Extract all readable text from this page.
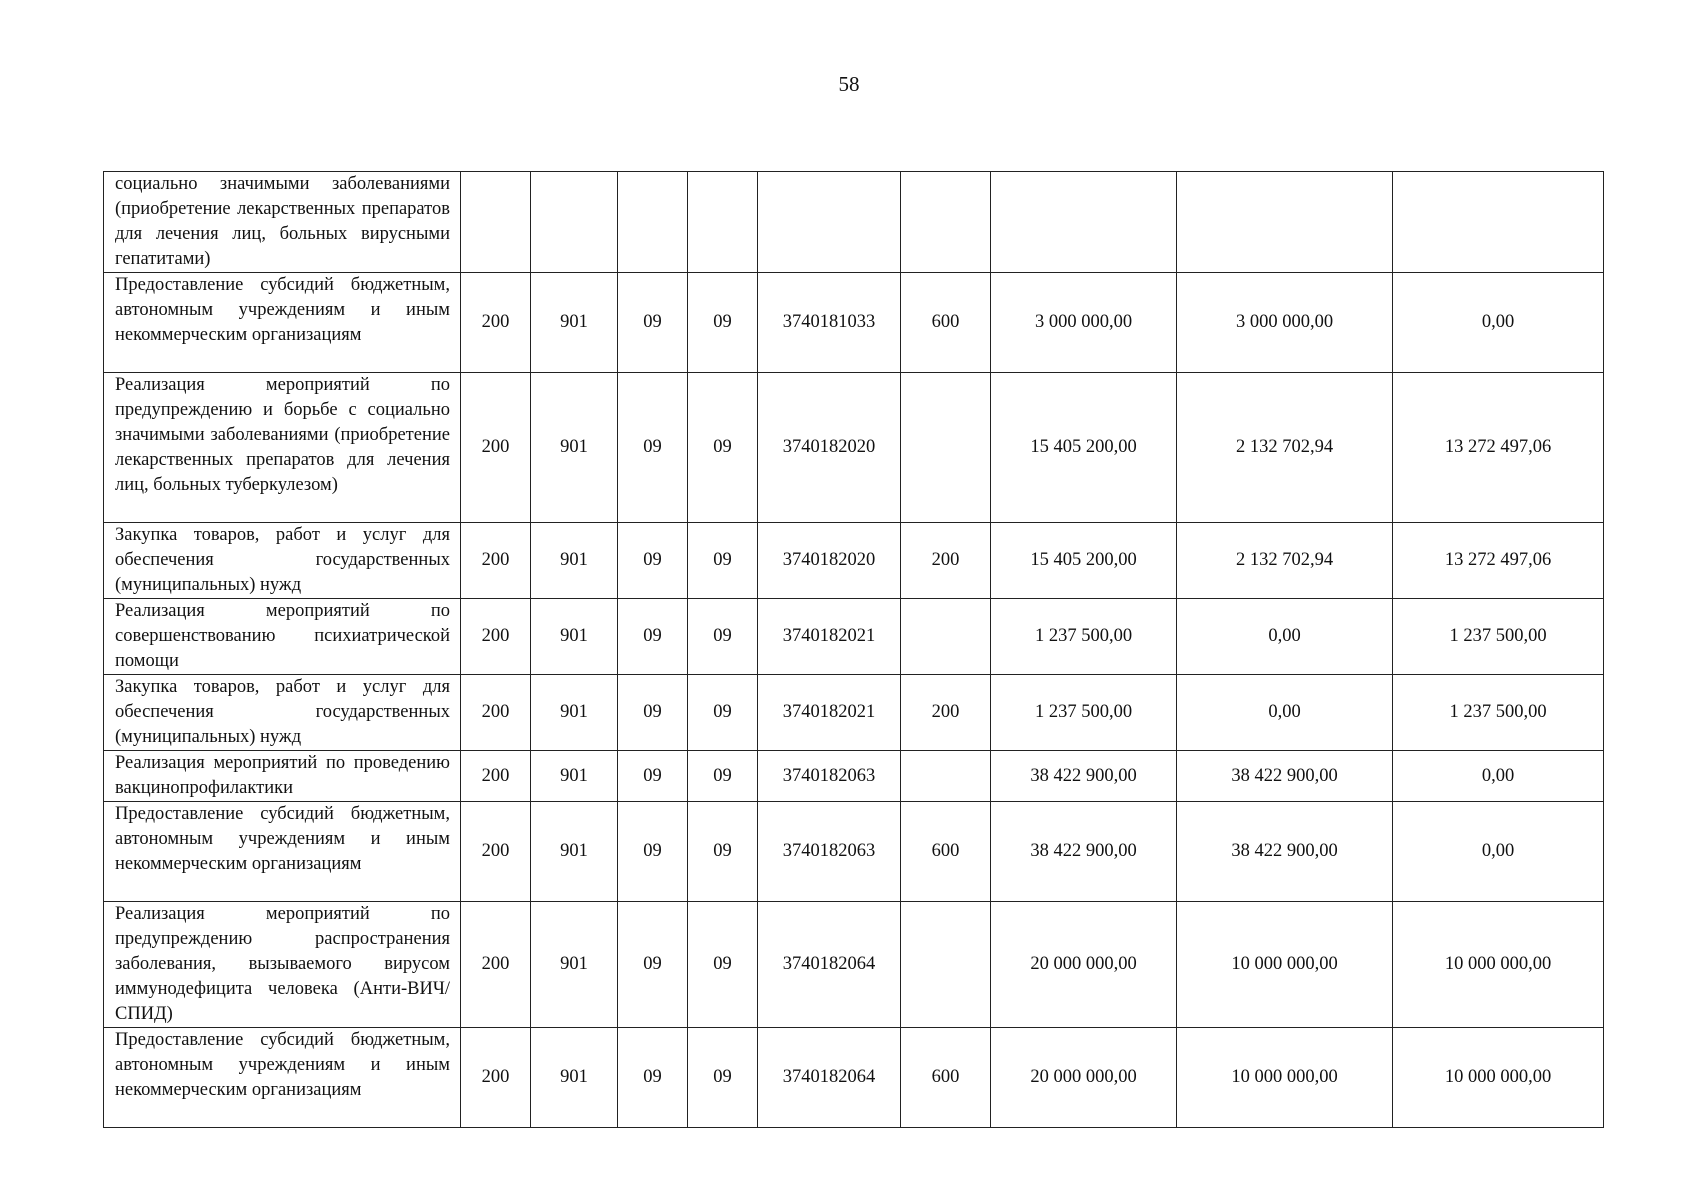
58
социально значимыми заболеваниями (приобретение лекарственных препаратов для лечения лиц, больных вирусными гепатитами)									
Предоставление субсидий бюджетным, автономным учреждениям и иным некоммерческим организациям	200	901	09	09	3740181033	600	3 000 000,00	3 000 000,00	0,00
Реализация мероприятий по предупреждению и борьбе с социально значимыми заболеваниями (приобретение лекарственных препаратов для лечения лиц, больных туберкулезом)	200	901	09	09	3740182020		15 405 200,00	2 132 702,94	13 272 497,06
Закупка товаров, работ и услуг для обеспечения государственных (муниципальных) нужд	200	901	09	09	3740182020	200	15 405 200,00	2 132 702,94	13 272 497,06
Реализация мероприятий по совершенствованию психиатрической помощи	200	901	09	09	3740182021		1 237 500,00	0,00	1 237 500,00
Закупка товаров, работ и услуг для обеспечения государственных (муниципальных) нужд	200	901	09	09	3740182021	200	1 237 500,00	0,00	1 237 500,00
Реализация мероприятий по проведению вакцинопрофилактики	200	901	09	09	3740182063		38 422 900,00	38 422 900,00	0,00
Предоставление субсидий бюджетным, автономным учреждениям и иным некоммерческим организациям	200	901	09	09	3740182063	600	38 422 900,00	38 422 900,00	0,00
Реализация мероприятий по предупреждению распространения заболевания, вызываемого вирусом иммунодефицита человека (Анти-ВИЧ/СПИД)	200	901	09	09	3740182064		20 000 000,00	10 000 000,00	10 000 000,00
Предоставление субсидий бюджетным, автономным учреждениям и иным некоммерческим организациям	200	901	09	09	3740182064	600	20 000 000,00	10 000 000,00	10 000 000,00
